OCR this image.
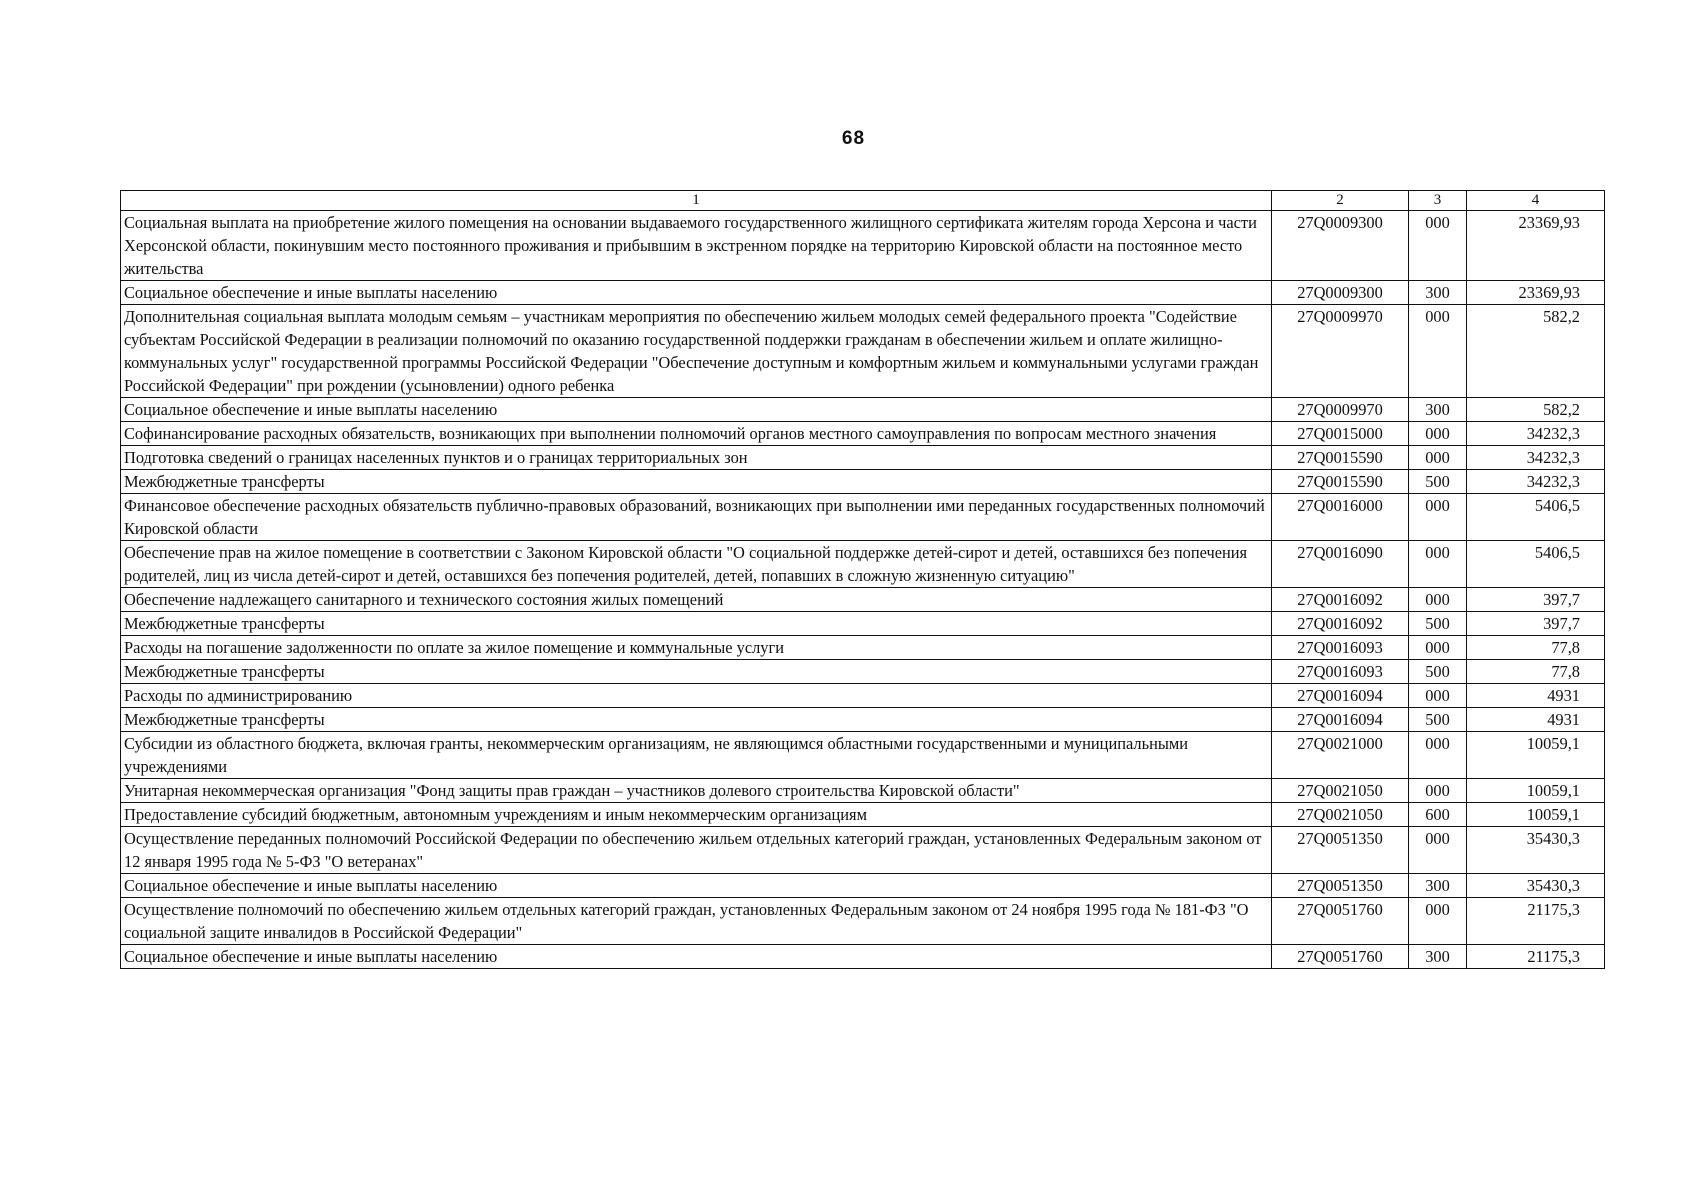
68
1	2	3	4
Социальная выплата на приобретение жилого помещения на основании выдаваемого государственного жилищного сертификата жителям города Херсона и части Херсонской области, покинувшим место постоянного проживания и прибывшим в экстренном порядке на территорию Кировской области на постоянное место жительства	27Q0009300	000	23369,93
Социальное обеспечение и иные выплаты населению	27Q0009300	300	23369,93
Дополнительная социальная выплата молодым семьям – участникам мероприятия по обеспечению жильем молодых семей федерального проекта "Содействие субъектам Российской Федерации в реализации полномочий по оказанию государственной поддержки гражданам в обеспечении жильем и оплате жилищно-коммунальных услуг" государственной программы Российской Федерации "Обеспечение доступным и комфортным жильем и коммунальными услугами граждан Российской Федерации" при рождении (усыновлении) одного ребенка	27Q0009970	000	582,2
Социальное обеспечение и иные выплаты населению	27Q0009970	300	582,2
Софинансирование расходных обязательств, возникающих при выполнении полномочий органов местного самоуправления по вопросам местного значения	27Q0015000	000	34232,3
Подготовка сведений о границах населенных пунктов и о границах территориальных зон	27Q0015590	000	34232,3
Межбюджетные трансферты	27Q0015590	500	34232,3
Финансовое обеспечение расходных обязательств публично-правовых образований, возникающих при выполнении ими переданных государственных полномочий Кировской области	27Q0016000	000	5406,5
Обеспечение прав на жилое помещение в соответствии с Законом Кировской области "О социальной поддержке детей-сирот и детей, оставшихся без попечения родителей, лиц из числа детей-сирот и детей, оставшихся без попечения родителей, детей, попавших в сложную жизненную ситуацию"	27Q0016090	000	5406,5
Обеспечение надлежащего санитарного и технического состояния жилых помещений	27Q0016092	000	397,7
Межбюджетные трансферты	27Q0016092	500	397,7
Расходы на погашение задолженности по оплате за жилое помещение и коммунальные услуги	27Q0016093	000	77,8
Межбюджетные трансферты	27Q0016093	500	77,8
Расходы по администрированию	27Q0016094	000	4931
Межбюджетные трансферты	27Q0016094	500	4931
Субсидии из областного бюджета, включая гранты, некоммерческим организациям, не являющимся областными государственными и муниципальными учреждениями	27Q0021000	000	10059,1
Унитарная некоммерческая организация "Фонд защиты прав граждан – участников долевого строительства Кировской области"	27Q0021050	000	10059,1
Предоставление субсидий бюджетным, автономным учреждениям и иным некоммерческим организациям	27Q0021050	600	10059,1
Осуществление переданных полномочий Российской Федерации по обеспечению жильем отдельных категорий граждан, установленных Федеральным законом от 12 января 1995 года № 5-ФЗ "О ветеранах"	27Q0051350	000	35430,3
Социальное обеспечение и иные выплаты населению	27Q0051350	300	35430,3
Осуществление полномочий по обеспечению жильем отдельных категорий граждан, установленных Федеральным законом от 24 ноября 1995 года № 181-ФЗ "О социальной защите инвалидов в Российской Федерации"	27Q0051760	000	21175,3
Социальное обеспечение и иные выплаты населению	27Q0051760	300	21175,3
